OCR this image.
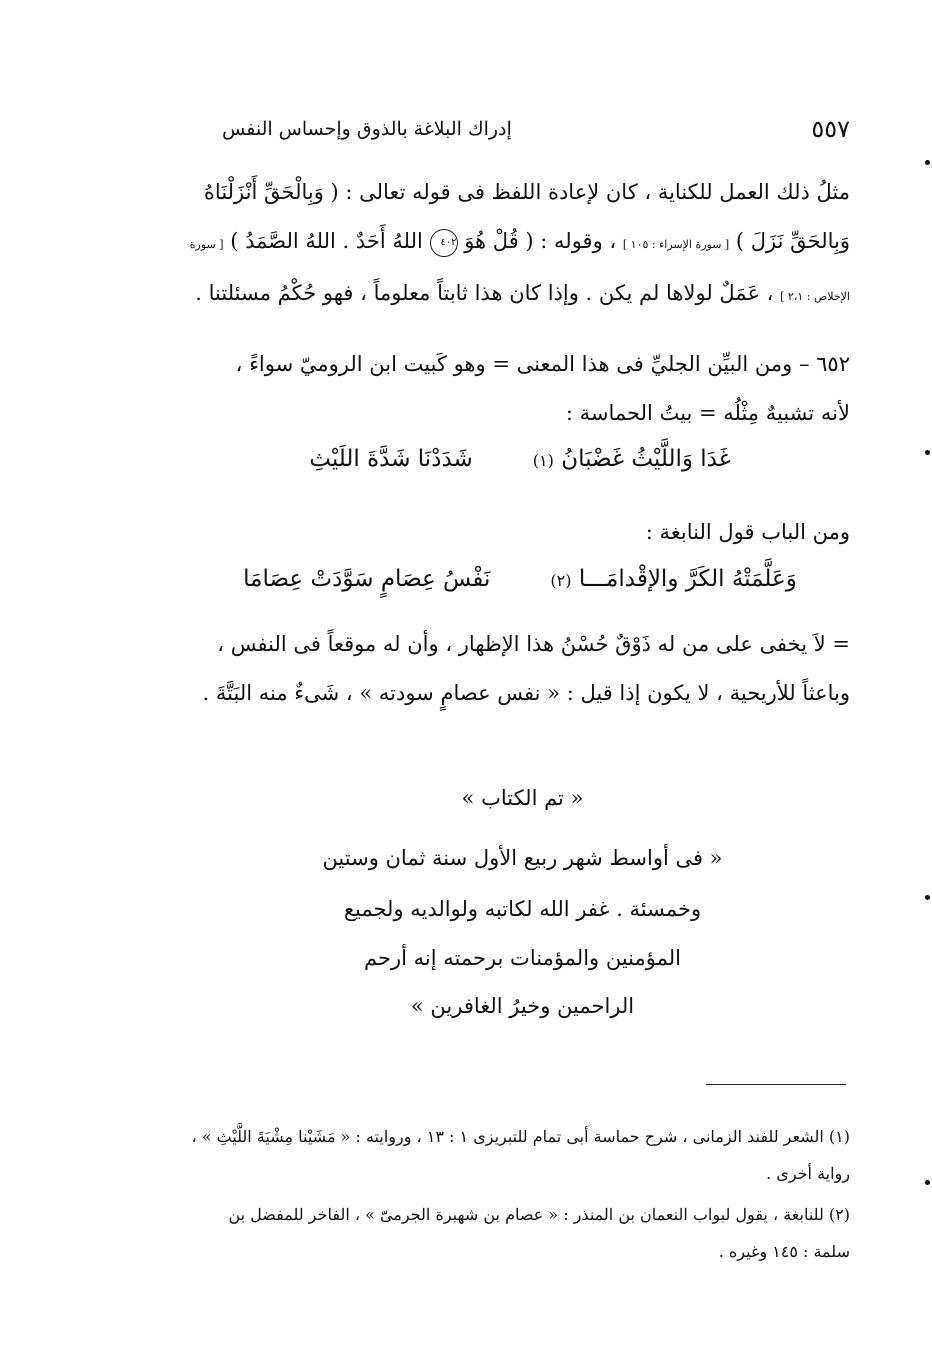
إدراك البلاغة بالذوق وإحساس النفس	٥٥٧
مثلُ ذلك العمل للكناية ، كان لإعادة اللفظ فى قوله تعالى : ( وَبِالْحَقِّ أَنْزَلْنَاهُ
وَبِالحَقِّ نَزَلَ ) [ سورة الإسراء : ١٠٥ ] ، وقوله : ( قُلْ هُوَ ٤٠٢ اللهُ أَحَدٌ . اللهُ الصَّمَدُ ) [ سورة
الإخلاص : ٢،١ ] ، عَمَلٌ لولاها لم يكن . وإذا كان هذا ثابتاً معلوماً ، فهو حُكْمُ مسئلتنا .
٦٥٢ – ومن البيِّن الجليِّ فى هذا المعنى = وهو كَبيت ابن الروميّ سواءً ،
لأنه تشبيهٌ مِثْلُه = بيتُ الحماسة :
شَدَدْنَا شَدَّةَ اللَيْثِ	غَدَا وَاللَّيْثُ غَضْبَانُ (١)
ومن الباب قول النابغة :
نَفْسُ عِصَامٍ سَوَّدَتْ عِصَامَا	وَعَلَّمَتْهُ الكَرَّ والإقْدامَـــا (٢)
= لاَ يخفى على من له ذَوْقٌ حُسْنُ هذا الإظهار ، وأن له موقعاً فى النفس ،
وباعثاً للأريحية ، لا يكون إذا قيل : « نفس عصامٍ سودته » ، شَىءٌ منه البَتَّةَ .
« تم الكتاب »
« فى أواسط شهر ربيع الأول سنة ثمان وستين
وخمسئة . غفر الله لكاتبه ولوالديه ولجميع
المؤمنين والمؤمنات برحمته إنه أرحم
الراحمين وخيرُ الغافرين »
(١) الشعر للفند الزمانى ، شرح حماسة أبى تمام للتبريزى ١ : ١٣ ، وروايته : « مَشَيْنا مِشْيَةَ اللَّيْثِ » ،
رواية أخرى .
(٢) للنابغة ، يقول لبواب النعمان بن المنذر : « عصام بن شهبرة الجرمىّ » ، الفاخر للمفضل بن
سلمة : ١٤٥ وغيره .
